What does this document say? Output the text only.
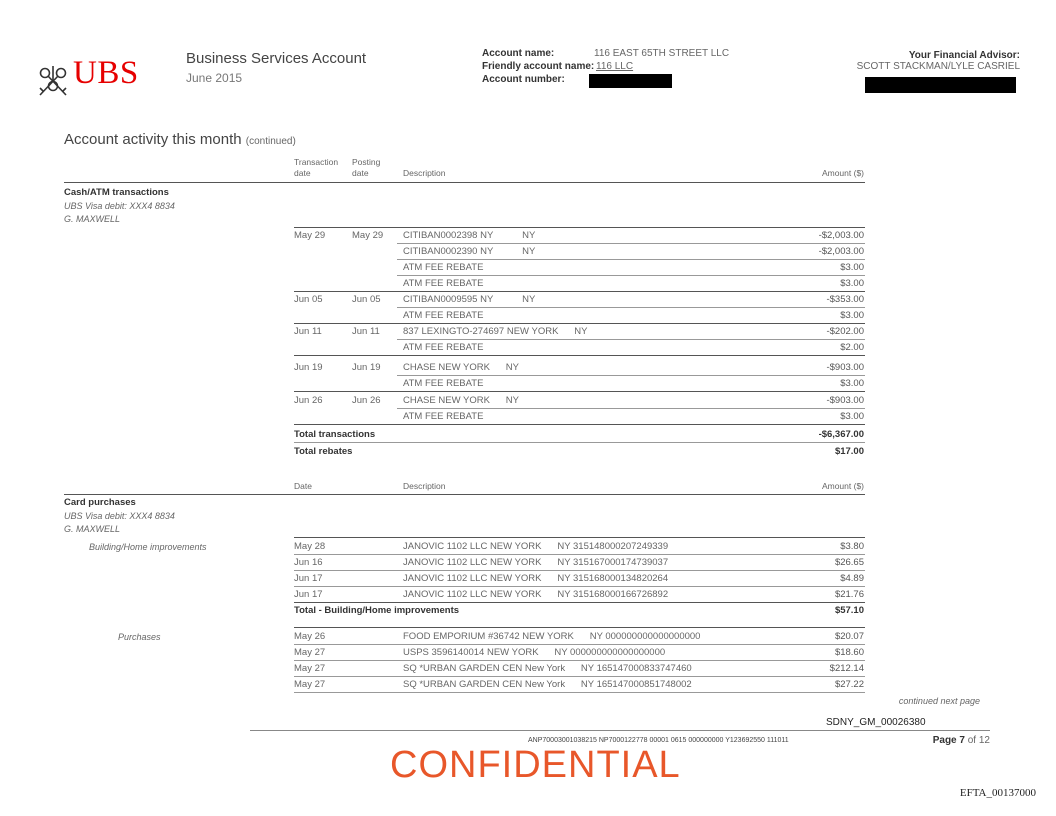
UBS	Business Services Account
June 2015
Account name:	116 EAST 65TH STREET LLC
Friendly account name: 116 LLC
Account number:
Your Financial Advisor:
SCOTT STACKMAN/LYLE CASRIEL
Account activity this month (continued)
Transaction
date
Posting
date	Description	Amount ($)
Cash/ATM transactions
UBS Visa debit: XXX4 8834
G. MAXWELL
May 29	May 29 CITIBAN0002398 NY           NY	-$2,003.00
CITIBAN0002390 NY           NY	-$2,003.00
ATM FEE REBATE	$3.00
ATM FEE REBATE	$3.00
Jun 05	Jun 05 CITIBAN0009595 NY           NY	-$353.00
ATM FEE REBATE	$3.00
Jun 11	Jun 11 837 LEXINGTO-274697 NEW YORK      NY	-$202.00
ATM FEE REBATE	$2.00
Jun 19	Jun 19 CHASE NEW YORK      NY	-$903.00
ATM FEE REBATE	$3.00
Jun 26	Jun 26 CHASE NEW YORK      NY	-$903.00
ATM FEE REBATE	$3.00
Total transactions	-$6,367.00
Total rebates	$17.00
Date	Description	Amount ($)
Card purchases
UBS Visa debit: XXX4 8834
G. MAXWELL
Building/Home improvements	May 28	JANOVIC 1102 LLC NEW YORK      NY 315148000207249339	$3.80
Jun 16	JANOVIC 1102 LLC NEW YORK      NY 315167000174739037	$26.65
Jun 17	JANOVIC 1102 LLC NEW YORK      NY 315168000134820264	$4.89
Jun 17	JANOVIC 1102 LLC NEW YORK      NY 315168000166726892	$21.76
Total - Building/Home improvements	$57.10
Purchases	May 26	FOOD EMPORIUM #36742 NEW YORK      NY 000000000000000000	$20.07
May 27	USPS 3596140014 NEW YORK      NY 000000000000000000	$18.60
May 27	SQ *URBAN GARDEN CEN New York      NY 165147000833747460	$212.14
May 27	SQ *URBAN GARDEN CEN New York      NY 165147000851748002	$27.22
continued next page
SDNY_GM_00026380
ANP70003001038215 NP7000122778 00001 0615 000000000 Y123692550 111011	Page 7 of 12
CONFIDENTIAL
EFTA_00137000
